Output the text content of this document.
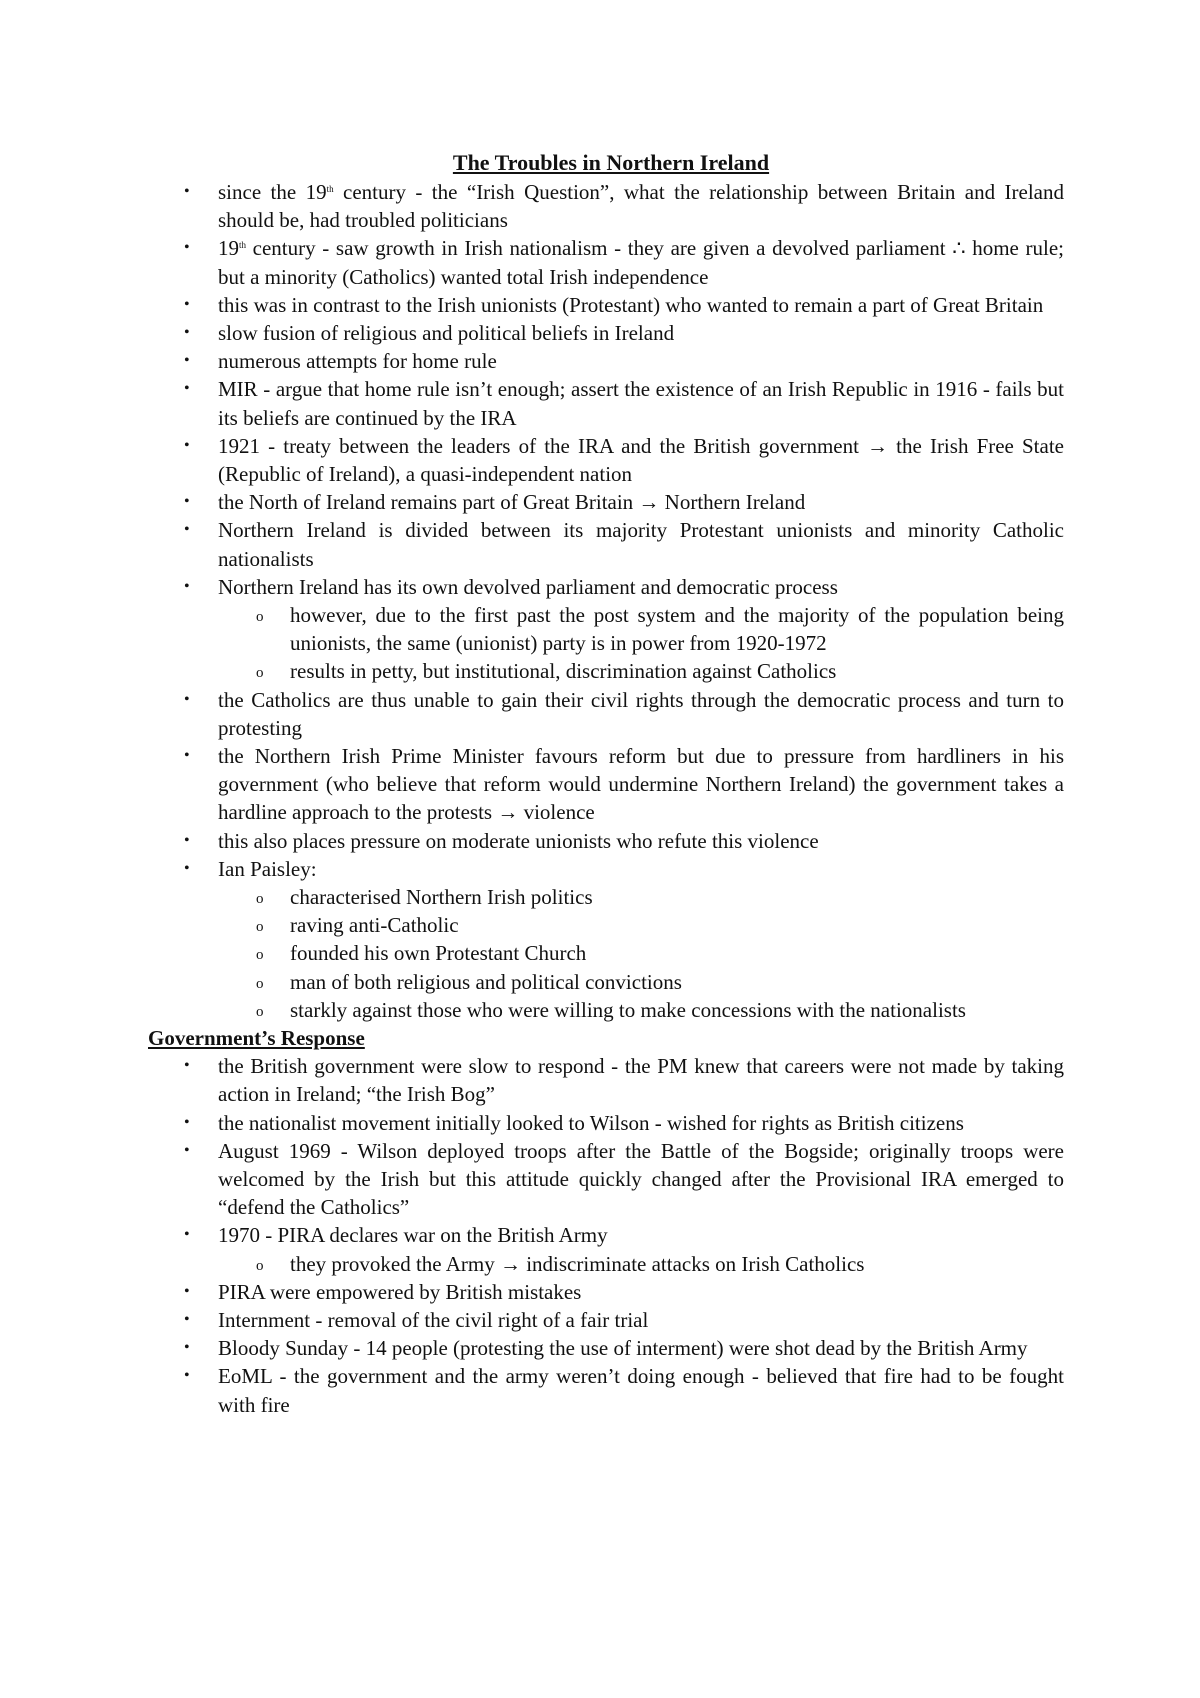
The Troubles in Northern Ireland
• since the 19th century - the “Irish Question”, what the relationship between Britain and Ireland should be, had troubled politicians
• 19th century - saw growth in Irish nationalism - they are given a devolved parliament ∴ home rule; but a minority (Catholics) wanted total Irish independence
• this was in contrast to the Irish unionists (Protestant) who wanted to remain a part of Great Britain
• slow fusion of religious and political beliefs in Ireland
• numerous attempts for home rule
• MIR - argue that home rule isn’t enough; assert the existence of an Irish Republic in 1916 - fails but its beliefs are continued by the IRA
• 1921 - treaty between the leaders of the IRA and the British government → the Irish Free State (Republic of Ireland), a quasi-independent nation
• the North of Ireland remains part of Great Britain → Northern Ireland
• Northern Ireland is divided between its majority Protestant unionists and minority Catholic nationalists
• Northern Ireland has its own devolved parliament and democratic process
o however, due to the first past the post system and the majority of the population being unionists, the same (unionist) party is in power from 1920-1972
o results in petty, but institutional, discrimination against Catholics
• the Catholics are thus unable to gain their civil rights through the democratic process and turn to protesting
• the Northern Irish Prime Minister favours reform but due to pressure from hardliners in his government (who believe that reform would undermine Northern Ireland) the government takes a hardline approach to the protests → violence
• this also places pressure on moderate unionists who refute this violence
• Ian Paisley:
o characterised Northern Irish politics
o raving anti-Catholic
o founded his own Protestant Church
o man of both religious and political convictions
o starkly against those who were willing to make concessions with the nationalists
Government’s Response
• the British government were slow to respond - the PM knew that careers were not made by taking action in Ireland; “the Irish Bog”
• the nationalist movement initially looked to Wilson - wished for rights as British citizens
• August 1969 - Wilson deployed troops after the Battle of the Bogside; originally troops were welcomed by the Irish but this attitude quickly changed after the Provisional IRA emerged to “defend the Catholics”
• 1970 - PIRA declares war on the British Army
o they provoked the Army → indiscriminate attacks on Irish Catholics
• PIRA were empowered by British mistakes
• Internment - removal of the civil right of a fair trial
• Bloody Sunday - 14 people (protesting the use of interment) were shot dead by the British Army
• EoML - the government and the army weren’t doing enough - believed that fire had to be fought with fire
